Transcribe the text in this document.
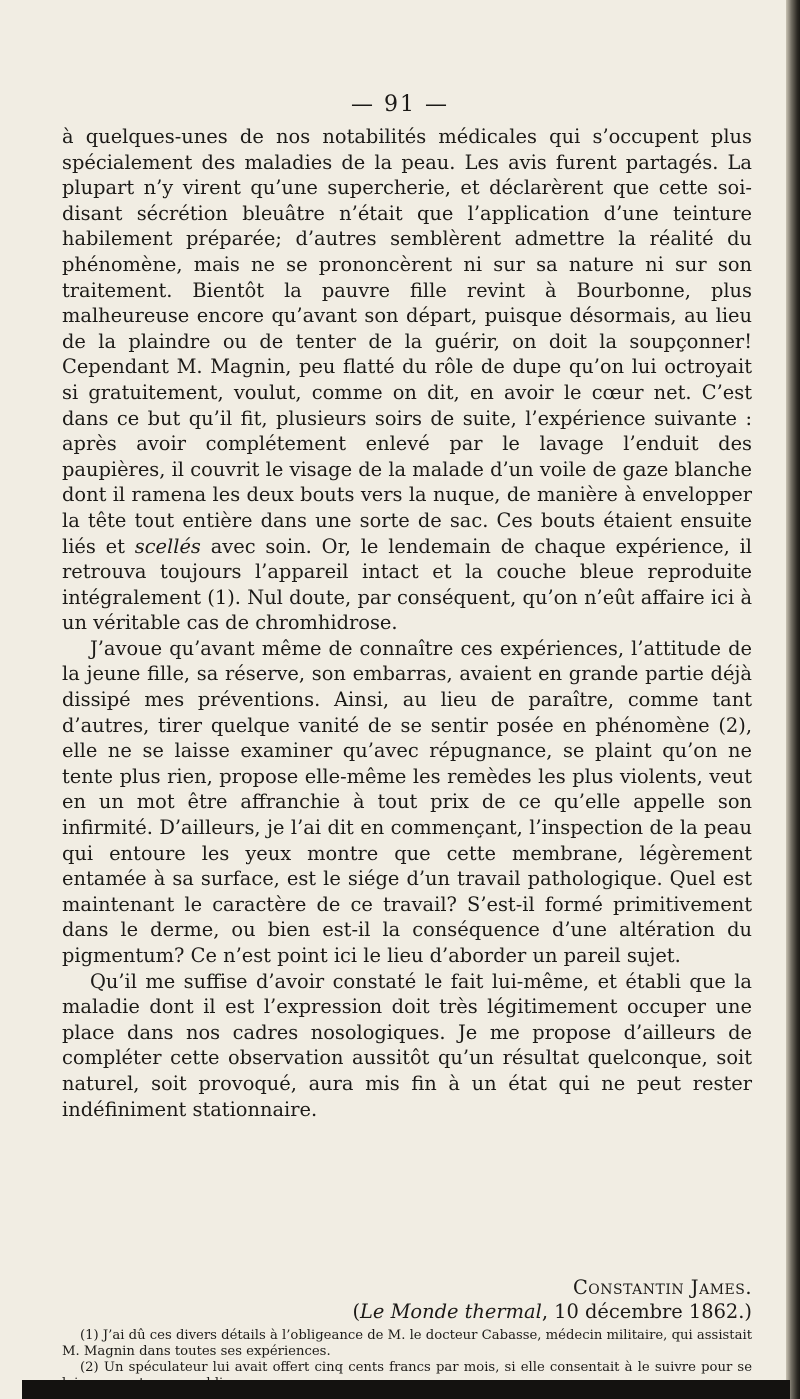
— 91 —

à quelques-unes de nos notabilités médicales qui s’occupent plus spécialement des maladies de la peau. Les avis furent partagés. La plupart n’y virent qu’une supercherie, et déclarèrent que cette soi-disant sécrétion bleuâtre n’était que l’application d’une teinture habilement préparée; d’autres semblèrent admettre la réalité du phénomène, mais ne se prononcèrent ni sur sa nature ni sur son traitement. Bientôt la pauvre fille revint à Bourbonne, plus malheureuse encore qu’avant son départ, puisque désormais, au lieu de la plaindre ou de tenter de la guérir, on doit la soupçonner! Cependant M. Magnin, peu flatté du rôle de dupe qu’on lui octroyait si gratuitement, voulut, comme on dit, en avoir le cœur net. C’est dans ce but qu’il fit, plusieurs soirs de suite, l’expérience suivante : après avoir complétement enlevé par le lavage l’enduit des paupières, il couvrit le visage de la malade d’un voile de gaze blanche dont il ramena les deux bouts vers la nuque, de manière à envelopper la tête tout entière dans une sorte de sac. Ces bouts étaient ensuite liés et scellés avec soin. Or, le lendemain de chaque expérience, il retrouva toujours l’appareil intact et la couche bleue reproduite intégralement (1). Nul doute, par conséquent, qu’on n’eût affaire ici à un véritable cas de chromhidrose.

J’avoue qu’avant même de connaître ces expériences, l’attitude de la jeune fille, sa réserve, son embarras, avaient en grande partie déjà dissipé mes préventions. Ainsi, au lieu de paraître, comme tant d’autres, tirer quelque vanité de se sentir posée en phénomène (2), elle ne se laisse examiner qu’avec répugnance, se plaint qu’on ne tente plus rien, propose elle-même les remèdes les plus violents, veut en un mot être affranchie à tout prix de ce qu’elle appelle son infirmité. D’ailleurs, je l’ai dit en commençant, l’inspection de la peau qui entoure les yeux montre que cette membrane, légèrement entamée à sa surface, est le siége d’un travail pathologique. Quel est maintenant le caractère de ce travail? S’est-il formé primitivement dans le derme, ou bien est-il la conséquence d’une altération du pigmentum? Ce n’est point ici le lieu d’aborder un pareil sujet.

Qu’il me suffise d’avoir constaté le fait lui-même, et établi que la maladie dont il est l’expression doit très légitimement occuper une place dans nos cadres nosologiques. Je me propose d’ailleurs de compléter cette observation aussitôt qu’un résultat quelconque, soit naturel, soit provoqué, aura mis fin à un état qui ne peut rester indéfiniment stationnaire.

Constantin James.
(Le Monde thermal, 10 décembre 1862.)

(1) J’ai dû ces divers détails à l’obligeance de M. le docteur Cabasse, médecin militaire, qui assistait M. Magnin dans toutes ses expériences.

(2) Un spéculateur lui avait offert cinq cents francs par mois, si elle consentait à le suivre pour se
